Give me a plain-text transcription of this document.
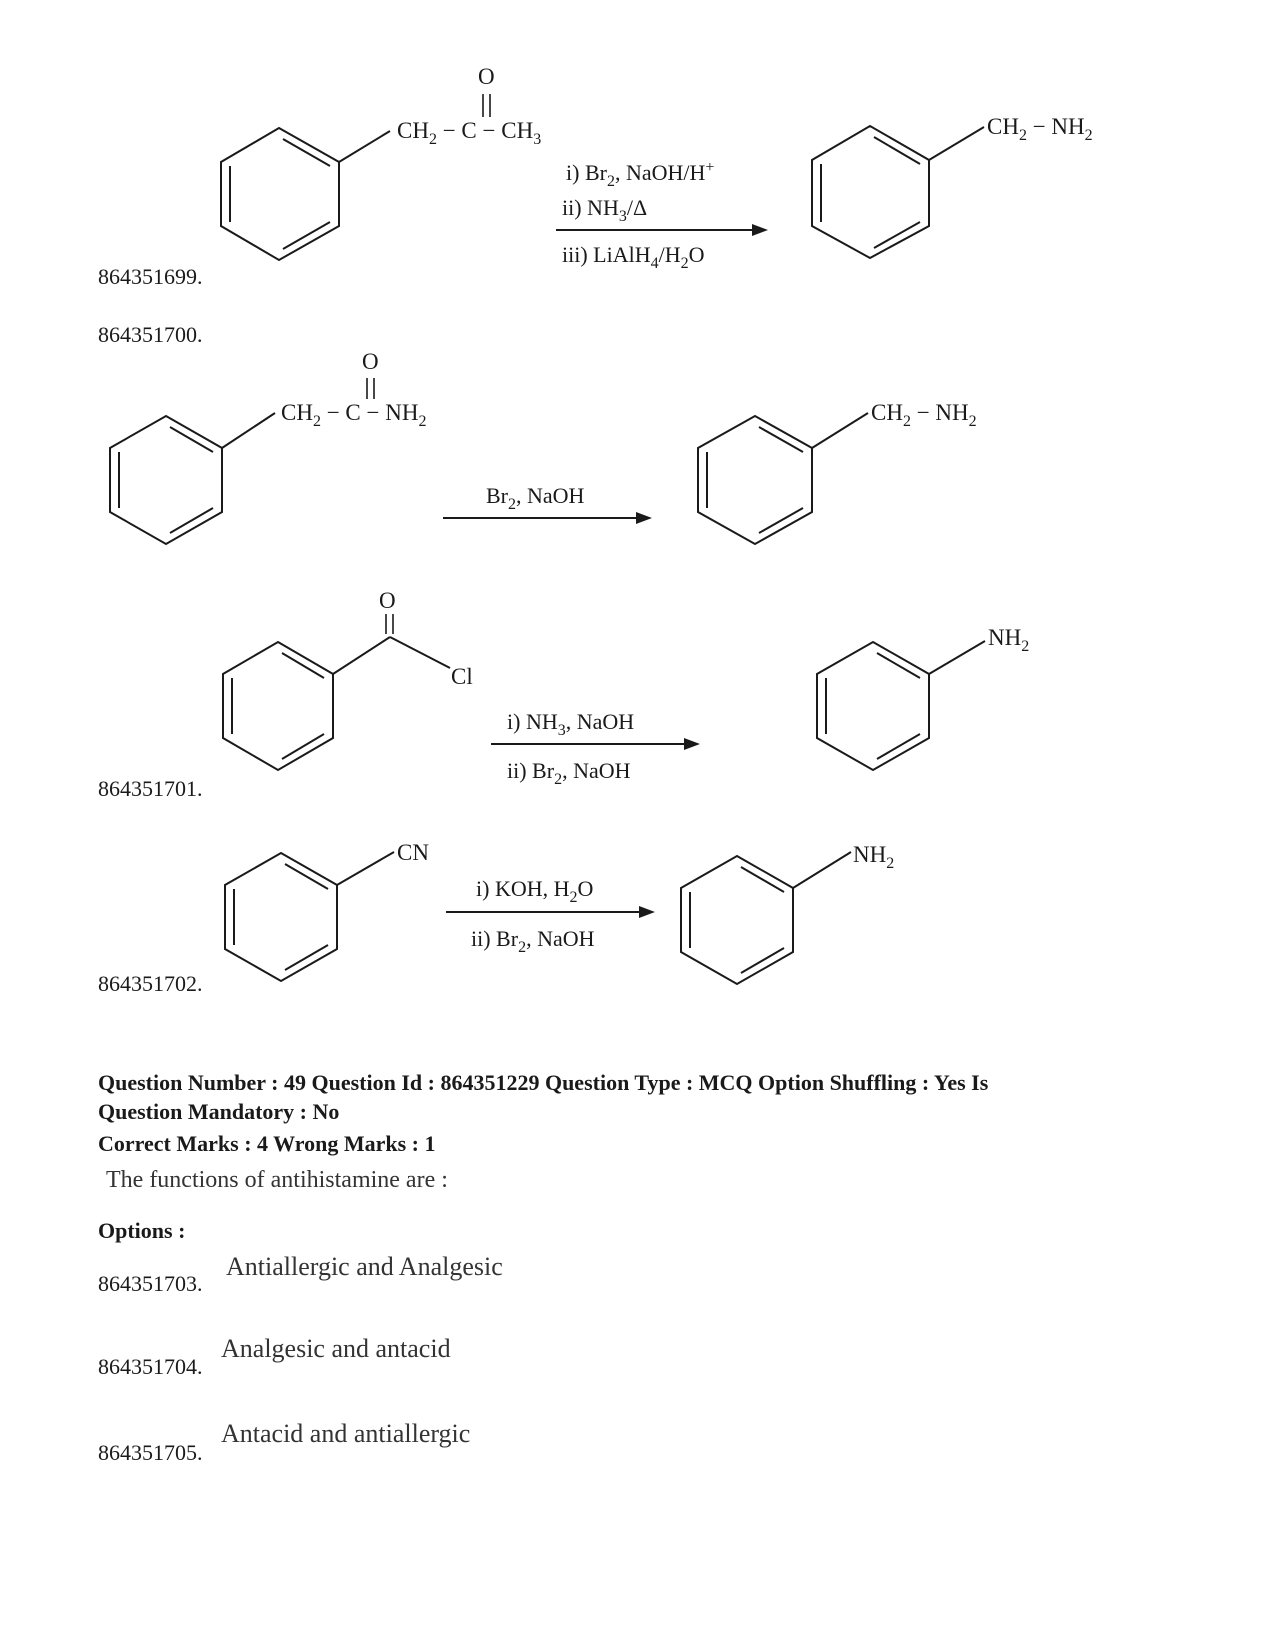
$CH_2 - C - CH_3$
O
i) $Br_2$, NaOH/H+
ii) $NH_3/\Delta$
iii) $LiAlH_4/H_2O$
$CH_2 - NH_2$
$CH_2 - C - NH_2$
O
$Br_2$, NaOH
$CH_2 - NH_2$
O
Cl
i) $NH_3$, NaOH
ii) $Br_2$, NaOH
$NH_2$
CN
i) KOH, $H_2O$
ii) $Br_2$, NaOH
$NH_2$
864351699.
864351700.
864351701.
864351702.
Question Number : 49 Question Id : 864351229 Question Type : MCQ Option Shuffling : Yes Is
Question Mandatory : No
Correct Marks : 4 Wrong Marks : 1
The functions of antihistamine are :
Options :
Antiallergic and Analgesic
864351703.
Analgesic and antacid
864351704.
Antacid and antiallergic
864351705.
